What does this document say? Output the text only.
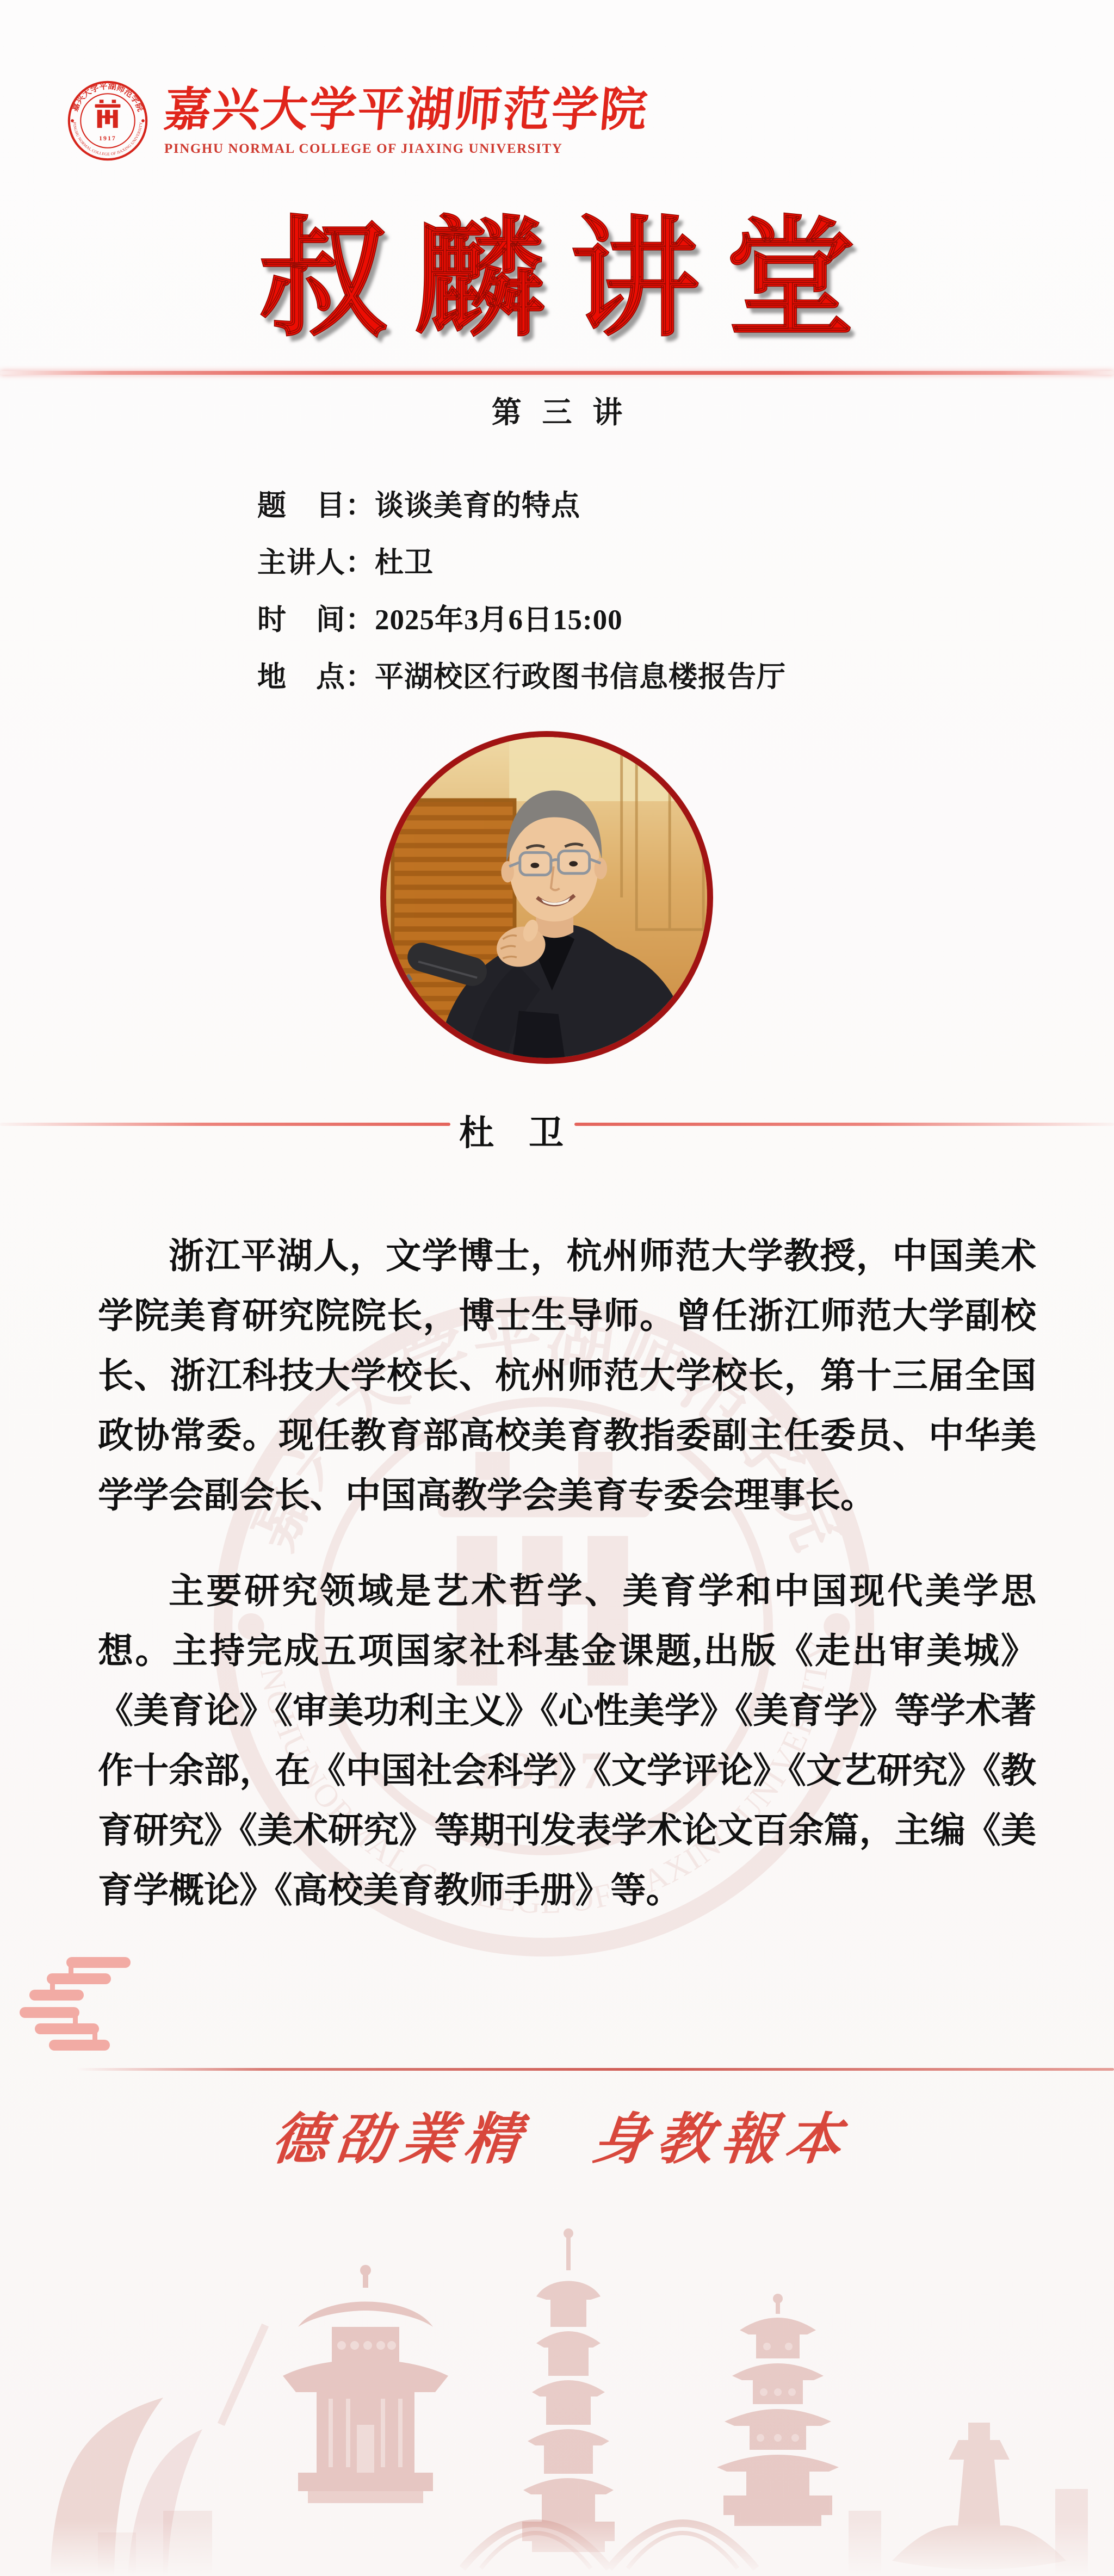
嘉兴大学平湖师范学院
PINGHU NORMAL COLLEGE OF JIAXING UNIVERSITY
叔麟讲堂
第 三 讲
题　目：谈谈美育的特点
主讲人：杜卫
时　间：2025年3月6日15:00
地　点：平湖校区行政图书信息楼报告厅
杜　卫

浙江平湖人，文学博士，杭州师范大学教授，中国美术学院美育研究院院长，博士生导师。曾任浙江师范大学副校长、浙江科技大学校长、杭州师范大学校长，第十三届全国政协常委。现任教育部高校美育教指委副主任委员、中华美学学会副会长、中国高教学会美育专委会理事长。

主要研究领域是艺术哲学、美育学和中国现代美学思想。主持完成五项国家社科基金课题,出版《走出审美城》《美育论》《审美功利主义》《心性美学》《美育学》等学术著作十余部，在《中国社会科学》《文学评论》《文艺研究》《教育研究》《美术研究》等期刊发表学术论文百余篇，主编《美育学概论》《高校美育教师手册》等。

德劭業精　身教報本
